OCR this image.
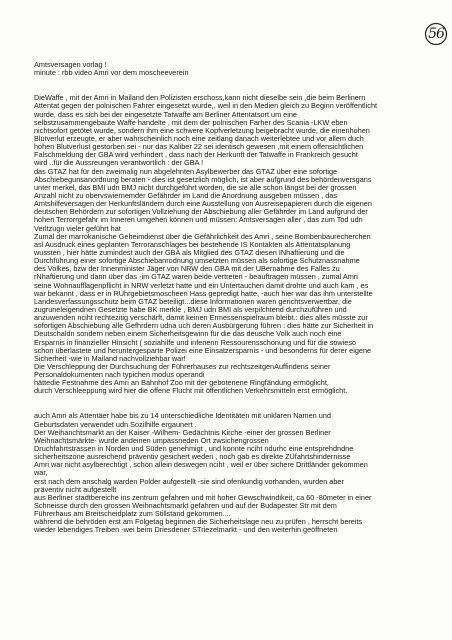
56
Amtsversagen vorlag !
minute : rbb video Amri vor dem moscheeverein
DieWaffe , mit der Amri in Mailand den Polizisten erschoss,kann nicht dieselbe sein ,die beim Berlinern
Attentat gegen der polnischen Fahrer eingesetzt wurde,, weil in den Medien gleich zu Beginn veröffentlicht
wurde, dass es sich bei der eingesetzte Tatwaffe am Berliner Attentatsort um eine
selbstzusammengebaute Waffe handelte , mit dem der polnischen Farher des Scania -LKW eben
nichtsofort getötet wurde, sondern ihm eine schwere Kopfverletzung beigebracht wurde, die einenhohen
Blutverlut erzeugte, er aber wahrscheinlich noch eine zeitlang danach weiterlebtee und vor allem duch
hohen Blutverlust gestorben sei - nur das Kaliber 22 sei identisch gewesen ,mit einem offensichtlichen
Falschmeldung der GBA wird verhindert , dass nach der Herkunft der Tatwaffe in Frankreich gesucht
wird ..für die Aussreungen verantwortlich : der GBA !
das GTAZ hat für den zweimalig nun abgelehnten Asylbewerber das GTAZ über eine sofortige
Abschiebegunsanordnung beraten - dies ist gesetzlich möglich, ist aber aufgrund des behördenversgans
unter merkel, das BMI udn BMJ nicht durchgeführt worden, die sie alle schon längst bei der grossen
Anzahl nicht zu obervswiernemder Gefährder im Land die Anordnung ausgeben müssen , das
Amtshilfeversagen der Herkunftsländern durch eine Ausstellung von Ausreisepapieren durch die eigenen
deutschen Behördern zur sofortigen Vollziehung der Abschiebung aller Gefährder im Land aufgrund der
hohen Terrorrgefahr im Inneren umgehen können und müssen: Amtsversagen aller , das zum Tod udn
Verltzugn vieler geführt hat
Zumal der marrokanische Geheimdienst über die Gefährlichkeit des Amri , seine Bombenbaurecherchen
asl Ausdruck eines geplanten Terroranschlages bei bestehende IS Kontakten als Attentatsplanung
wussten , hier hätte zumindest auch der GBA als Mitglied des GTAZ diesen INhaftierung und die
Durchführung einer sofortige Abschiebanrodnung umsetzten müssen als sofortige Schutznassnahme
des Volkes, bzw der Innenminister Jäger von NRW den GBA mit der ÜBernahme des Falles zu
rNhaftierung und dann über das -im GTAZ waren beide vertreten - beauftragen müssen , zumal Amri
seine Wohnaufflagenpflicht in NRW verletzt hatte und ein Untertauchen damit drohte und auch kam , es
war bekannt , dass er in RUhrgebietsmoscheen Hass gepredigt hatte, -auch hier war das ihm unterstellte
Landesverfassungsschutz beim GTAZ beteiligt...diese Informationen waren gerichtsverwertbar, die
zugruneleigendnen Gesetzte habe BK merkle , BMJ udn BMI als verpilchtend durchzuführen und
anzuwenden nciht rechtezitig verschärft, damit keinen Ermessenspielraum bleibt.: dies alles müsste zur
sofortigen Abschiebung alle Gefhrdern udna uch deren Ausbürgerung führen : dies hätte zur Sicherheit in
Deutschaldn sondern neben einem Sicherheitsgewinn für die das deusche Volk auch noch eine
Ersparnis in finanzieller Hinsicht ( soziahilfe und infenenn Ressourensschonung und für die sowieso
schon überlastete und heruntergesparte Polizei eine Einsatzersparnis - und besonderns für derer eigene
Sicherheit -wie in Mailand nachvollziehbar war!
Die Verschleppung der Durchsuchung der Führerhauses zur rechtszeitgenAuffindens seiner
Personaldokumenten nach typichen modus operandi
hättedie Festnahme des Amri an Bahnhof Zoo mit der gebotenene Ringfändung ermöglicht,
durch Verschleeppung wird hier die offene Flucht mit öffentlichen Verkehrsmitteln erst ermöglicht.
auch Amri als Attentäer habe bis zu 14 unterschiedliche Identitäten mit unklaren Namen und
Geburtsdaten verwendet udn Sozilhilfe ergaunert .
Der Weihanchtsmarkt an der Kaiser -Wilhem- Gedächtnis Kirche -einer der grossen Berliner
Weihnachtsmärkte- wurde andeinen umpassneden Ort zwsichengrossen
Druchfahrtstrassen in Norden und Süden genehmigt , und konnte nciht ndurhc eine entsprehdndne
sicherheitszone ausreichend präventiv gesichert weden , noch gab es direkte ZUfahrtshindernisse
Amri war nicht asylberechtigt , schon allein deswegen nciht , weil er über sichere Drittländer gekommen
war,
erst nach dem anschalg warden Polder aufgestellt -sie sind ofenkundig vorhanden, wurden aber
präventiv nicht aufgestellt
aus Berliner stadtbereiche ins zentrum gefahren und mit hoher Gewschwindikeit, ca 60 -80meter in einer
Schneisse durch den grossen Weihnachtsmarkt gefahren und auf der Budapester Str mit dem
Führerhaus am Breitscheidplatz zum Stillstand gekommen....
während die behröden erst am Folgetag beginnen die Sicherheitslage neu zu prüfen , herrscht bereits
wieder lebendiges Treiben -wei beim Driesdener STriezelmarkt - und den weiterhin geöffneten
